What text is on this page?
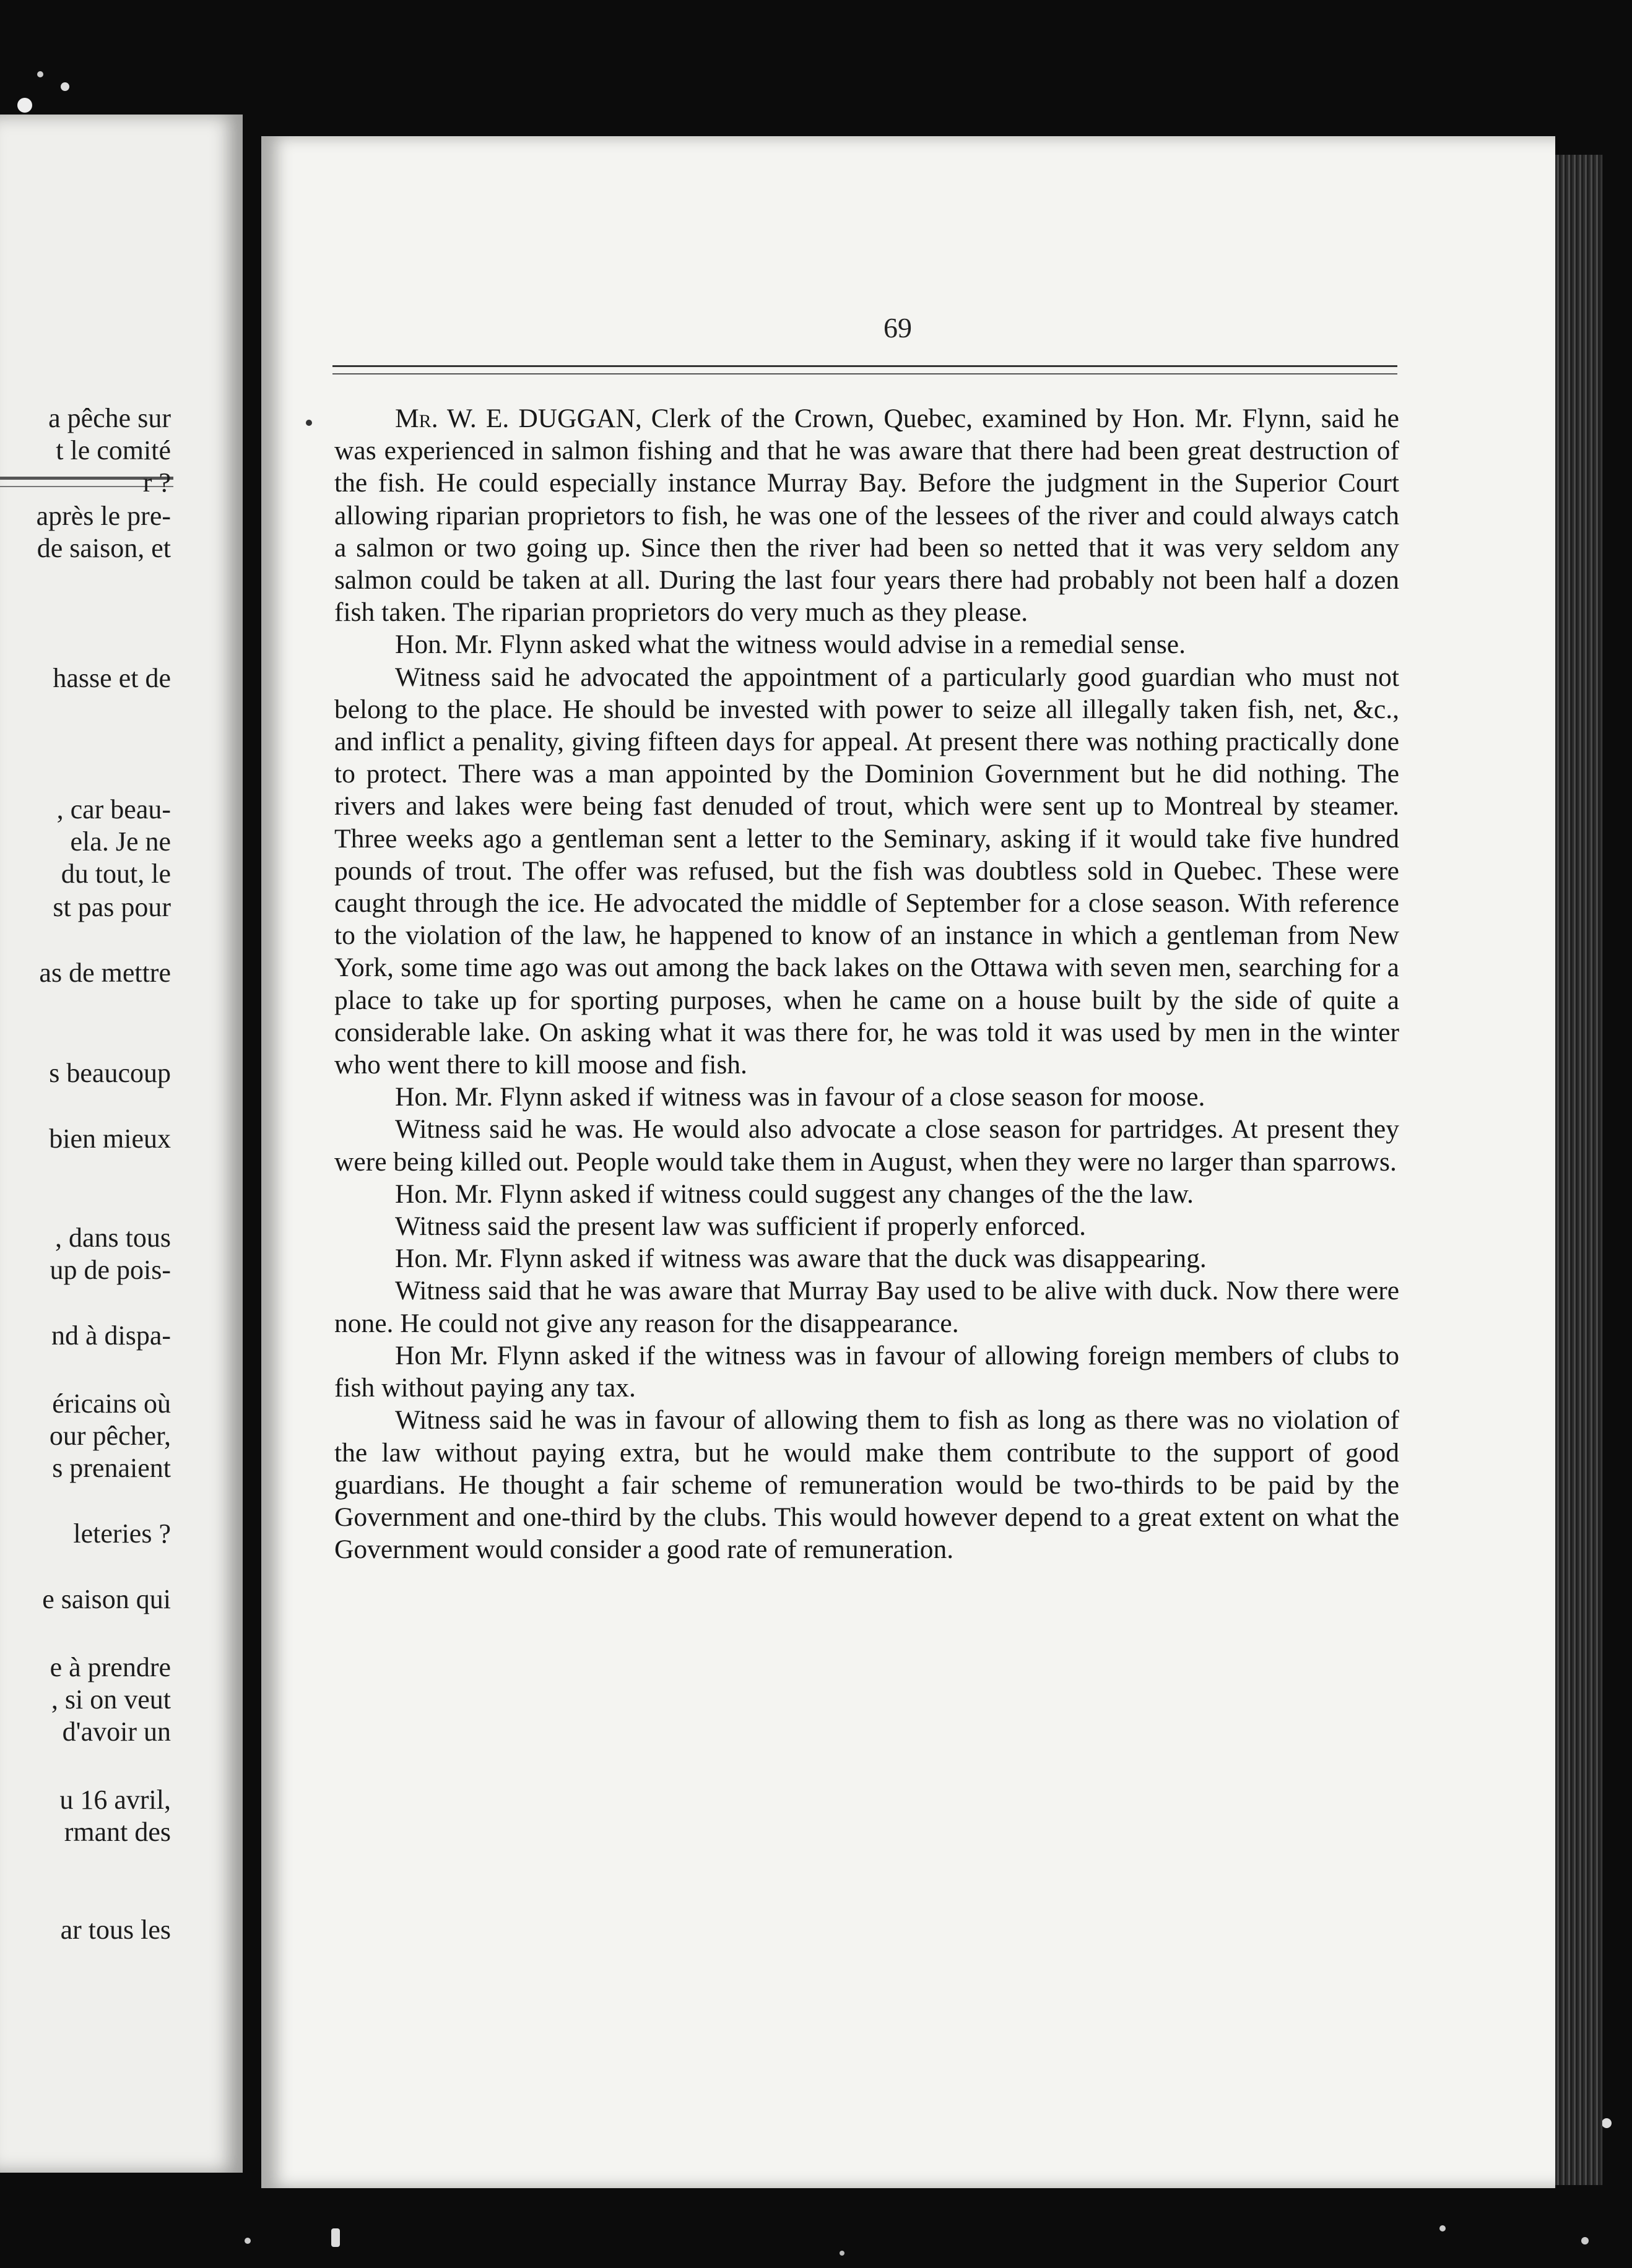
a pêche sur
t le comité
r ?
après le pre-
de saison, et
hasse et de
, car beau-
ela. Je ne
du tout, le
st pas pour
as de mettre
s beaucoup
bien mieux
, dans tous
up de pois-
nd à dispa-
éricains où
our pêcher,
s prenaient
leteries ?
e saison qui
e à prendre
, si on veut
d'avoir un
u 16 avril,
rmant des
ar tous les
69

Mr. W. E. DUGGAN, Clerk of the Crown, Quebec, examined by Hon. Mr. Flynn, said he was experienced in salmon fishing and that he was aware that there had been great destruction of the fish. He could especially instance Murray Bay. Before the judgment in the Superior Court allowing riparian proprietors to fish, he was one of the lessees of the river and could always catch a salmon or two going up. Since then the river had been so netted that it was very seldom any salmon could be taken at all. During the last four years there had probably not been half a dozen fish taken. The riparian proprietors do very much as they please.

Hon. Mr. Flynn asked what the witness would advise in a remedial sense.

Witness said he advocated the appointment of a particularly good guardian who must not belong to the place. He should be invested with power to seize all illegally taken fish, net, &c., and inflict a penality, giving fifteen days for appeal. At present there was nothing practically done to protect. There was a man appointed by the Dominion Government but he did nothing. The rivers and lakes were being fast denuded of trout, which were sent up to Montreal by steamer. Three weeks ago a gentleman sent a letter to the Seminary, asking if it would take five hundred pounds of trout. The offer was refused, but the fish was doubtless sold in Quebec. These were caught through the ice. He advocated the middle of September for a close season. With reference to the violation of the law, he happened to know of an instance in which a gentleman from New York, some time ago was out among the back lakes on the Ottawa with seven men, searching for a place to take up for sporting purposes, when he came on a house built by the side of quite a considerable lake. On asking what it was there for, he was told it was used by men in the winter who went there to kill moose and fish.

Hon. Mr. Flynn asked if witness was in favour of a close season for moose.

Witness said he was. He would also advocate a close season for partridges. At present they were being killed out. People would take them in August, when they were no larger than sparrows.

Hon. Mr. Flynn asked if witness could suggest any changes of the the law.

Witness said the present law was sufficient if properly enforced.

Hon. Mr. Flynn asked if witness was aware that the duck was disappearing.

Witness said that he was aware that Murray Bay used to be alive with duck. Now there were none. He could not give any reason for the disappearance.

Hon Mr. Flynn asked if the witness was in favour of allowing foreign members of clubs to fish without paying any tax.

Witness said he was in favour of allowing them to fish as long as there was no violation of the law without paying extra, but he would make them contribute to the support of good guardians. He thought a fair scheme of remuneration would be two-thirds to be paid by the Government and one-third by the clubs. This would however depend to a great extent on what the Government would consider a good rate of remuneration.
